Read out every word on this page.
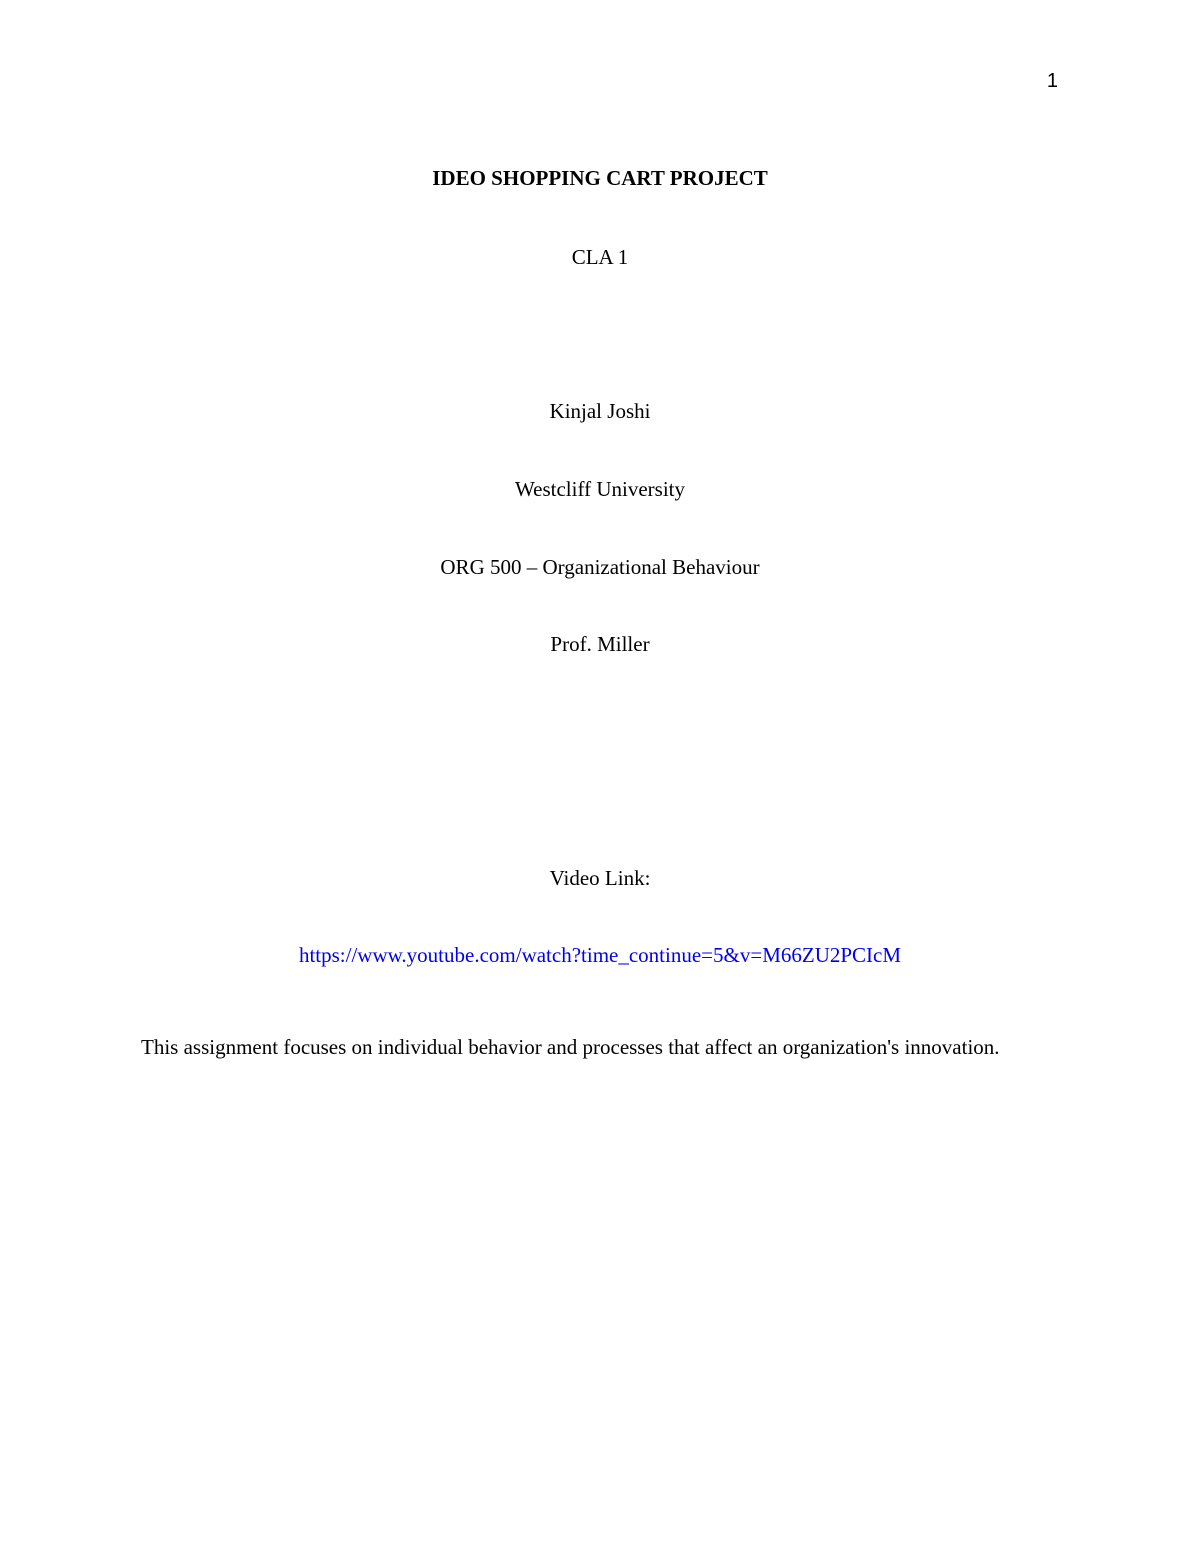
1
IDEO SHOPPING CART PROJECT
CLA 1
Kinjal Joshi
Westcliff University
ORG 500 – Organizational Behaviour
Prof. Miller
Video Link:
https://www.youtube.com/watch?time_continue=5&v=M66ZU2PCIcM

This assignment focuses on individual behavior and processes that affect an organization's innovation.
